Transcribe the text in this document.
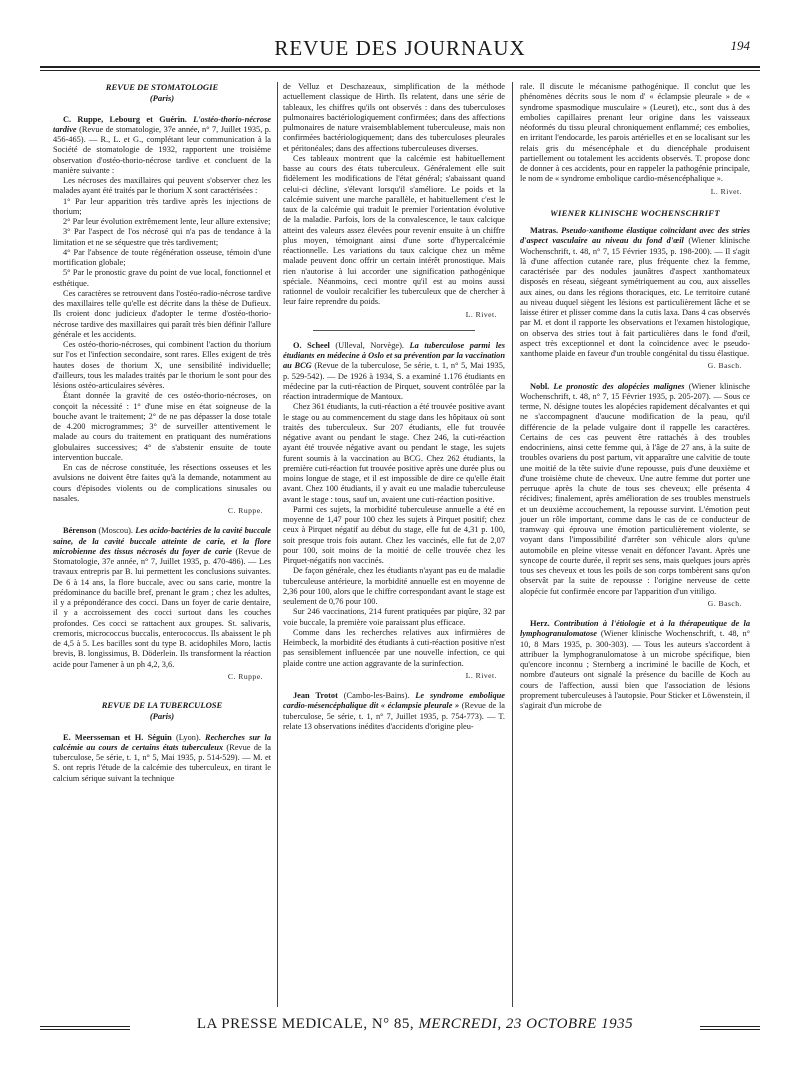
REVUE DES JOURNAUX	194
REVUE DE STOMATOLOGIE
(Paris)

C. Ruppe, Lebourg et Guérin. L'ostéo-thorio-nécrose tardive (Revue de stomatologie, 37e année, n° 7, Juillet 1935, p. 456-465). — R., L. et G., complétant leur communication à la Société de stomatologie de 1932, rapportent une troisième observation d'ostéo-thorio-nécrose tardive et concluent de la manière suivante :

Les nécroses des maxillaires qui peuvent s'observer chez les malades ayant été traités par le thorium X sont caractérisées :

1° Par leur apparition très tardive après les injections de thorium;

2° Par leur évolution extrêmement lente, leur allure extensive;

3° Par l'aspect de l'os nécrosé qui n'a pas de tendance à la limitation et ne se séquestre que très tardivement;

4° Par l'absence de toute régénération osseuse, témoin d'une mortification globale;

5° Par le pronostic grave du point de vue local, fonctionnel et esthétique.

Ces caractères se retrouvent dans l'ostéo-radio-nécrose tardive des maxillaires telle qu'elle est décrite dans la thèse de Dufieux. Ils croient donc judicieux d'adopter le terme d'ostéo-thorio-nécrose tardive des maxillaires qui paraît très bien définir l'allure générale et les accidents.

Ces ostéo-thorio-nécroses, qui combinent l'action du thorium sur l'os et l'infection secondaire, sont rares. Elles exigent de très hautes doses de thorium X, une sensibilité individuelle; d'ailleurs, tous les malades traités par le thorium le sont pour des lésions ostéo-articulaires sévères.

Étant donnée la gravité de ces ostéo-thorio-nécroses, on conçoit la nécessité : 1° d'une mise en état soigneuse de la bouche avant le traitement; 2° de ne pas dépasser la dose totale de 4.200 microgrammes; 3° de surveiller attentivement le malade au cours du traitement en pratiquant des numérations globulaires successives; 4° de s'abstenir ensuite de toute intervention buccale.

En cas de nécrose constituée, les résections osseuses et les avulsions ne doivent être faites qu'à la demande, notamment au cours d'épisodes violents ou de complications sinusales ou nasales.

C. Ruppe.

Bérenson (Moscou). Les acido-bactéries de la cavité buccale saine, de la cavité buccale atteinte de carie, et la flore microbienne des tissus nécrosés du foyer de carie (Revue de Stomatologie, 37e année, n° 7, Juillet 1935, p. 470-486). — Les travaux entrepris par B. lui permettent les conclusions suivantes. De 6 à 14 ans, la flore buccale, avec ou sans carie, montre la prédominance du bacille bref, prenant le gram ; chez les adultes, il y a prépondérance des cocci. Dans un foyer de carie dentaire, il y a accroissement des cocci surtout dans les couches profondes. Ces cocci se rattachent aux groupes. St. salivaris, cremoris, micrococcus buccalis, enterococcus. Ils abaissent le ph de 4,5 à 5. Les bacilles sont du type B. acidophiles Moro, lactis brevis, B. longissimus, B. Döderlein. Ils transforment la réaction acide pour l'amener à un ph 4,2, 3,6.

C. Ruppe.
REVUE DE LA TUBERCULOSE
(Paris)

E. Meersseman et H. Séguin (Lyon). Recherches sur la calcémie au cours de certains états tuberculeux (Revue de la tuberculose, 5e série, t. 1, n° 5, Mai 1935, p. 514-529). — M. et S. ont repris l'étude de la calcémie des tuberculeux, en tirant le calcium sérique suivant la technique

de Velluz et Deschazeaux, simplification de la méthode actuellement classique de Hirth. Ils relatent, dans une série de tableaux, les chiffres qu'ils ont observés : dans des tuberculoses pulmonaires bactériologiquement confirmées; dans des affections pulmonaires de nature vraisemblablement tuberculeuse, mais non confirmées bactériologiquement; dans des tuberculoses pleurales et péritonéales; dans des affections tuberculeuses diverses.

Ces tableaux montrent que la calcémie est habituellement basse au cours des états tuberculeux. Généralement elle suit fidèlement les modifications de l'état général; s'abaissant quand celui-ci décline, s'élevant lorsqu'il s'améliore. Le poids et la calcémie suivent une marche parallèle, et habituellement c'est le taux de la calcémie qui traduit le premier l'orientation évolutive de la maladie. Parfois, lors de la convalescence, le taux calcique atteint des valeurs assez élevées pour revenir ensuite à un chiffre plus moyen, témoignant ainsi d'une sorte d'hypercalcémie réactionnelle. Les variations du taux calcique chez un même malade peuvent donc offrir un certain intérêt pronostique. Mais rien n'autorise à lui accorder une signification pathogénique spéciale. Néanmoins, ceci montre qu'il est au moins aussi rationnel de vouloir recalcifier les tuberculeux que de chercher à leur faire reprendre du poids.

L. Rivet.

O. Scheel (Ulleval, Norvège). La tuberculose parmi les étudiants en médecine à Oslo et sa prévention par la vaccination au BCG (Revue de la tuberculose, 5e série, t. 1, n° 5, Mai 1935, p. 529-542). — De 1926 à 1934, S. a examiné 1.176 étudiants en médecine par la cuti-réaction de Pirquet, souvent contrôlée par la réaction intradermique de Mantoux.

Chez 361 étudiants, la cuti-réaction a été trouvée positive avant le stage ou au commencement du stage dans les hôpitaux où sont traités des tuberculeux. Sur 207 étudiants, elle fut trouvée négative avant ou pendant le stage. Chez 246, la cuti-réaction ayant été trouvée négative avant ou pendant le stage, les sujets furent soumis à la vaccination au BCG. Chez 262 étudiants, la première cuti-réaction fut trouvée positive après une durée plus ou moins longue de stage, et il est impossible de dire ce qu'elle était avant. Chez 100 étudiants, il y avait eu une maladie tuberculeuse avant le stage : tous, sauf un, avaient une cuti-réaction positive.

Parmi ces sujets, la morbidité tuberculeuse annuelle a été en moyenne de 1,47 pour 100 chez les sujets à Pirquet positif; chez ceux à Pirquet négatif au début du stage, elle fut de 4,31 p. 100, soit presque trois fois autant. Chez les vaccinés, elle fut de 2,07 pour 100, soit moins de la moitié de celle trouvée chez les Pirquet-négatifs non vaccinés.

De façon générale, chez les étudiants n'ayant pas eu de maladie tuberculeuse antérieure, la morbidité annuelle est en moyenne de 2,36 pour 100, alors que le chiffre correspondant avant le stage est seulement de 0,76 pour 100.

Sur 246 vaccinations, 214 furent pratiquées par piqûre, 32 par voie buccale, la première voie paraissant plus efficace.

Comme dans les recherches relatives aux infirmières de Heimbeck, la morbidité des étudiants à cuti-réaction positive n'est pas sensiblement influencée par une nouvelle infection, ce qui plaide contre une action aggravante de la surinfection.

L. Rivet.

Jean Trotot (Cambo-les-Bains). Le syndrome embolique cardio-mésencéphalique dit « éclampsie pleurale » (Revue de la tuberculose, 5e série, t. 1, n° 7, Juillet 1935, p. 754-773). — T. relate 13 observations inédites d'accidents d'origine pleu-

rale. Il discute le mécanisme pathogénique. Il conclut que les phénomènes décrits sous le nom d' « éclampsie pleurale » de « syndrome spasmodique musculaire » (Leuret), etc., sont dus à des embolies capillaires prenant leur origine dans les vaisseaux néoformés du tissu pleural chroniquement enflammé; ces embolies, en irritant l'endocarde, les parois artérielles et en se localisant sur les relais gris du mésencéphale et du diencéphale produisent partiellement ou totalement les accidents observés. T. propose donc de donner à ces accidents, pour en rappeler la pathogénie principale, le nom de « syndrome embolique cardio-mésencéphalique ».

L. Rivet.
WIENER KLINISCHE WOCHENSCHRIFT

Matras. Pseudo-xanthome élastique coïncidant avec des stries d'aspect vasculaire au niveau du fond d'œil (Wiener klinische Wochenschrift, t. 48, n° 7, 15 Février 1935, p. 198-200). — Il s'agit là d'une affection cutanée rare, plus fréquente chez la femme, caractérisée par des nodules jaunâtres d'aspect xanthomateux disposés en réseau, siégeant symétriquement au cou, aux aisselles aux aines, ou dans les régions thoraciques, etc. Le territoire cutané au niveau duquel siègent les lésions est particulièrement lâche et se laisse étirer et plisser comme dans la cutis laxa. Dans 4 cas observés par M. et dont il rapporte les observations et l'examen histologique, on observa des stries tout à fait particulières dans le fond d'œil, aspect très exceptionnel et dont la coïncidence avec le pseudo-xanthome plaide en faveur d'un trouble congénital du tissu élastique.

G. Basch.

Nobl. Le pronostic des alopécies malignes (Wiener klinische Wochenschrift, t. 48, n° 7, 15 Février 1935, p. 205-207). — Sous ce terme, N. désigne toutes les alopécies rapidement décalvantes et qui ne s'accompagnent d'aucune modification de la peau, qu'il différencie de la pelade vulgaire dont il rappelle les caractères. Certains de ces cas peuvent être rattachés à des troubles endocriniens, ainsi cette femme qui, à l'âge de 27 ans, à la suite de troubles ovariens du post partum, vit apparaître une calvitie de toute une moitié de la tête suivie d'une repousse, puis d'une deuxième et d'une troisième chute de cheveux. Une autre femme dut porter une perruque après la chute de tous ses cheveux; elle présenta 4 récidives; finalement, après amélioration de ses troubles menstruels et un deuxième accouchement, la repousse survint. L'émotion peut jouer un rôle important, comme dans le cas de ce conducteur de tramway qui éprouva une émotion particulièrement violente, se voyant dans l'impossibilité d'arrêter son véhicule alors qu'une automobile en pleine vitesse venait en défoncer l'avant. Après une syncope de courte durée, il reprit ses sens, mais quelques jours après tous ses cheveux et tous les poils de son corps tombèrent sans qu'on observât par la suite de repousse : l'origine nerveuse de cette alopécie fut confirmée encore par l'apparition d'un vitiligo.

G. Basch.

Herz. Contribution à l'étiologie et à la thérapeutique de la lymphogranulomatose (Wiener klinische Wochenschrift, t. 48, n° 10, 8 Mars 1935, p. 300-303). — Tous les auteurs s'accordent à attribuer la lymphogranulomatose à un microbe spécifique, bien qu'encore inconnu ; Sternberg a incriminé le bacille de Koch, et nombre d'auteurs ont signalé la présence du bacille de Koch au cours de l'affection, aussi bien que l'association de lésions proprement tuberculeuses à l'autopsie. Pour Sticker et Löwenstein, il s'agirait d'un microbe de

LA PRESSE MEDICALE, N° 85, MERCREDI, 23 OCTOBRE 1935
